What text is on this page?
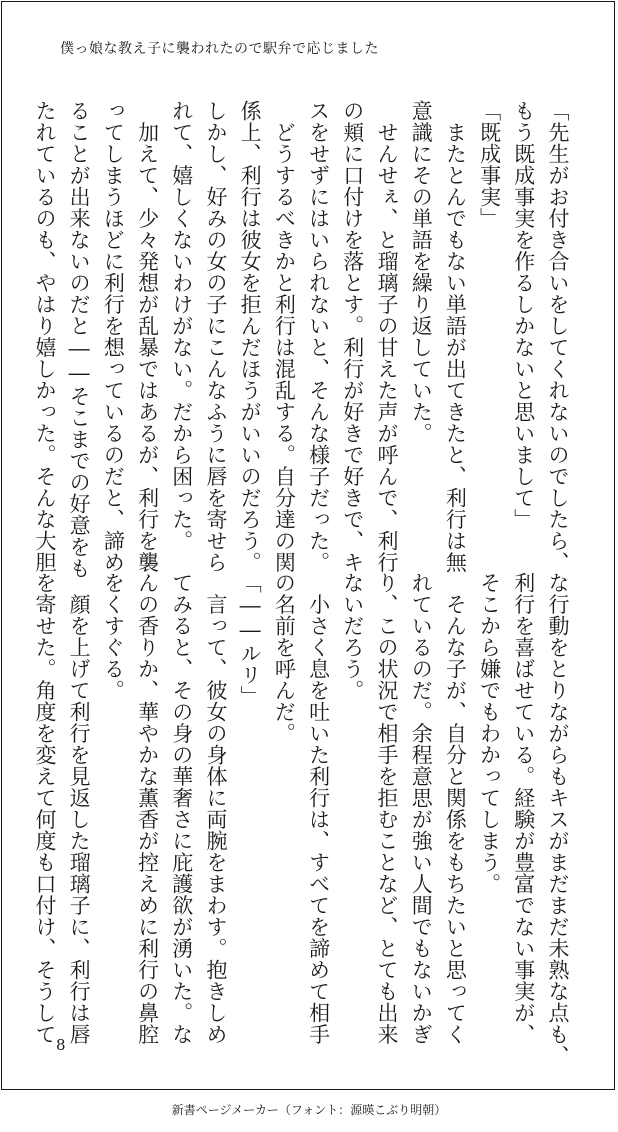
僕っ娘な教え子に襲われたので駅弁で応じました

「先生がお付き合いをしてくれないのでしたら、

もう既成事実を作るしかないと思いまして」

「既成事実」

　またとんでもない単語が出てきたと、利行は無

意識にその単語を繰り返していた。

　せんせぇ、と瑠璃子の甘えた声が呼んで、利行

の頬に口付けを落とす。利行が好きで好きで、キ

スをせずにはいられないと、そんな様子だった。

　どうするべきかと利行は混乱する。自分達の関

係上、利行は彼女を拒んだほうがいいのだろう。

しかし、好みの女の子にこんなふうに唇を寄せら

れて、嬉しくないわけがない。だから困った。

　加えて、少々発想が乱暴ではあるが、利行を襲

ってしまうほどに利行を想っているのだと、諦め

ることが出来ないのだと――そこまでの好意をも

たれているのも、やはり嬉しかった。そんな大胆

な行動をとりながらもキスがまだまだ未熟な点も、

利行を喜ばせている。経験が豊富でない事実が、

そこから嫌でもわかってしまう。

　そんな子が、自分と関係をもちたいと思ってく

れているのだ。余程意思が強い人間でもないかぎ

り、この状況で相手を拒むことなど、とても出来

ないだろう。

　小さく息を吐いた利行は、すべてを諦めて相手

の名前を呼んだ。

「――ルリ」

　言って、彼女の身体に両腕をまわす。抱きしめ

てみると、その身の華奢さに庇護欲が湧いた。な

んの香りか、華やかな薫香が控えめに利行の鼻腔

をくすぐる。

　顔を上げて利行を見返した瑠璃子に、利行は唇

を寄せた。角度を変えて何度も口付け、そうして 8
新書ページメーカー（フォント：源暎こぶり明朝）
